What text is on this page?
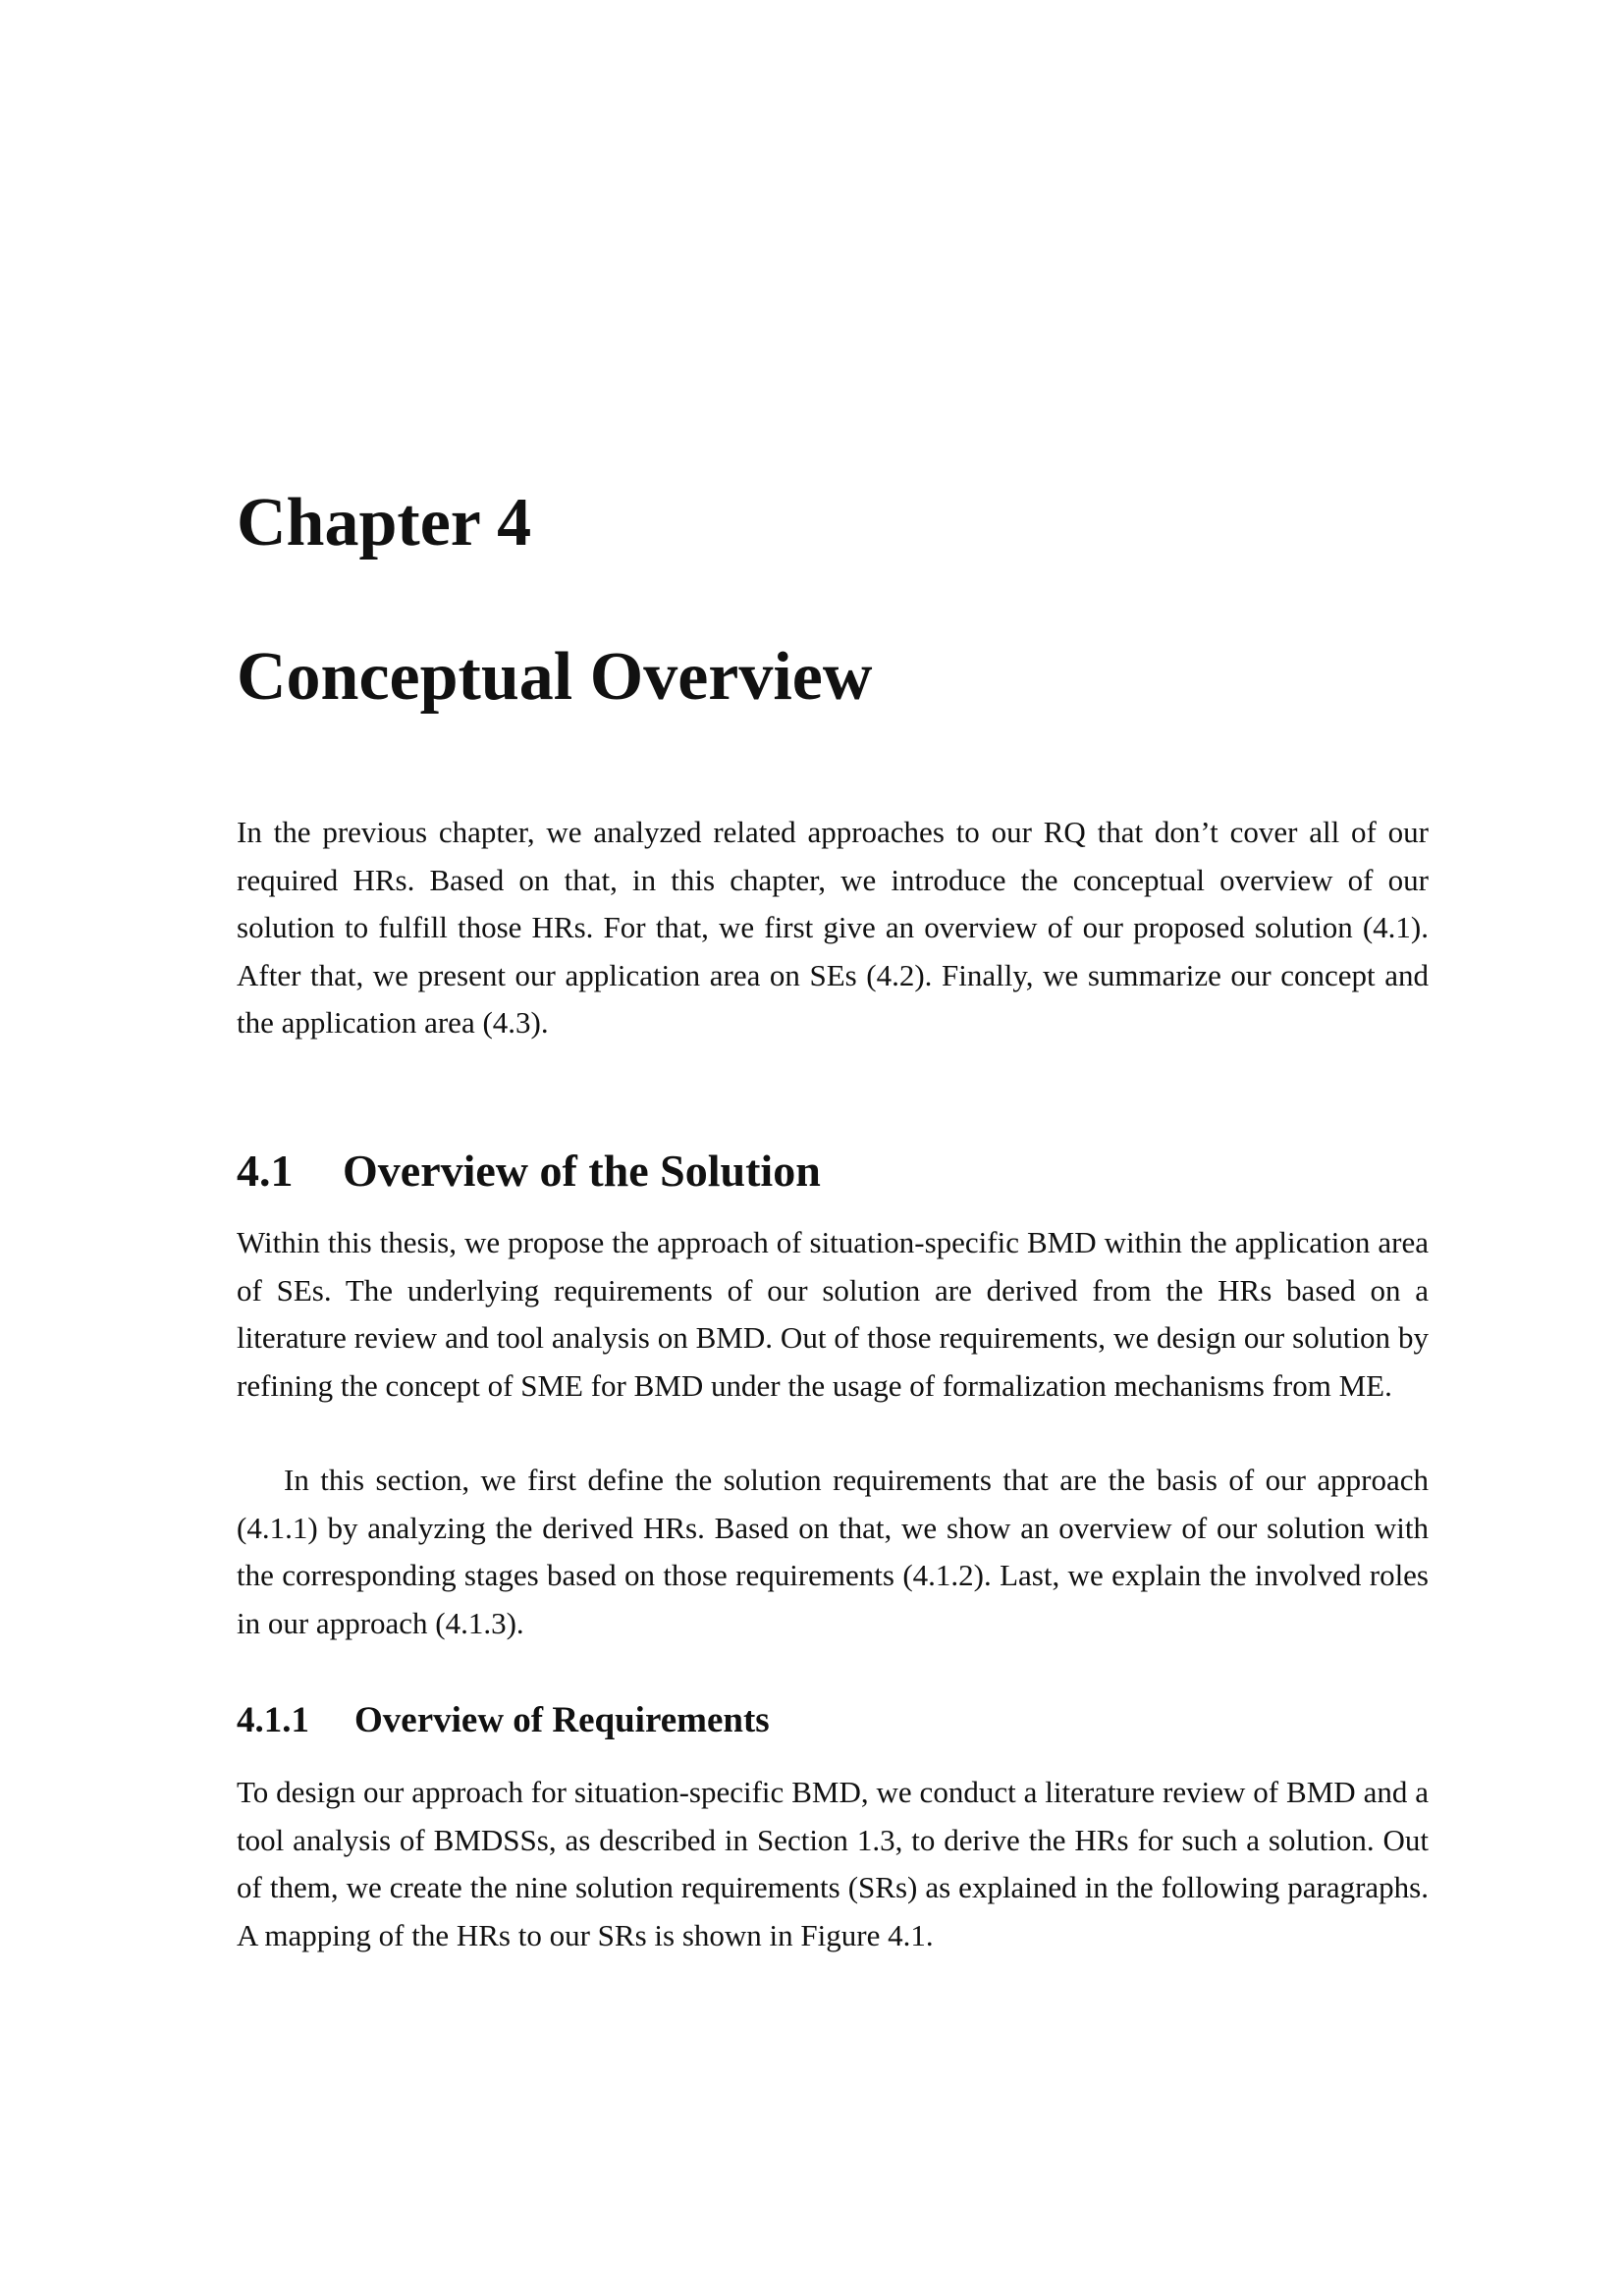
Chapter 4
Conceptual Overview

In the previous chapter, we analyzed related approaches to our RQ that don’t cover all of our required HRs. Based on that, in this chapter, we introduce the conceptual overview of our solution to fulfill those HRs. For that, we first give an overview of our proposed solution (4.1). After that, we present our application area on SEs (4.2). Finally, we summarize our concept and the application area (4.3).

4.1 Overview of the Solution

Within this thesis, we propose the approach of situation-specific BMD within the application area of SEs. The underlying requirements of our solution are derived from the HRs based on a literature review and tool analysis on BMD. Out of those requirements, we design our solution by refining the concept of SME for BMD under the usage of formalization mechanisms from ME.

In this section, we first define the solution requirements that are the basis of our approach (4.1.1) by analyzing the derived HRs. Based on that, we show an overview of our solution with the corresponding stages based on those requirements (4.1.2). Last, we explain the involved roles in our approach (4.1.3).

4.1.1 Overview of Requirements

To design our approach for situation-specific BMD, we conduct a literature review of BMD and a tool analysis of BMDSSs, as described in Section 1.3, to derive the HRs for such a solution. Out of them, we create the nine solution requirements (SRs) as explained in the following paragraphs. A mapping of the HRs to our SRs is shown in Figure 4.1.
